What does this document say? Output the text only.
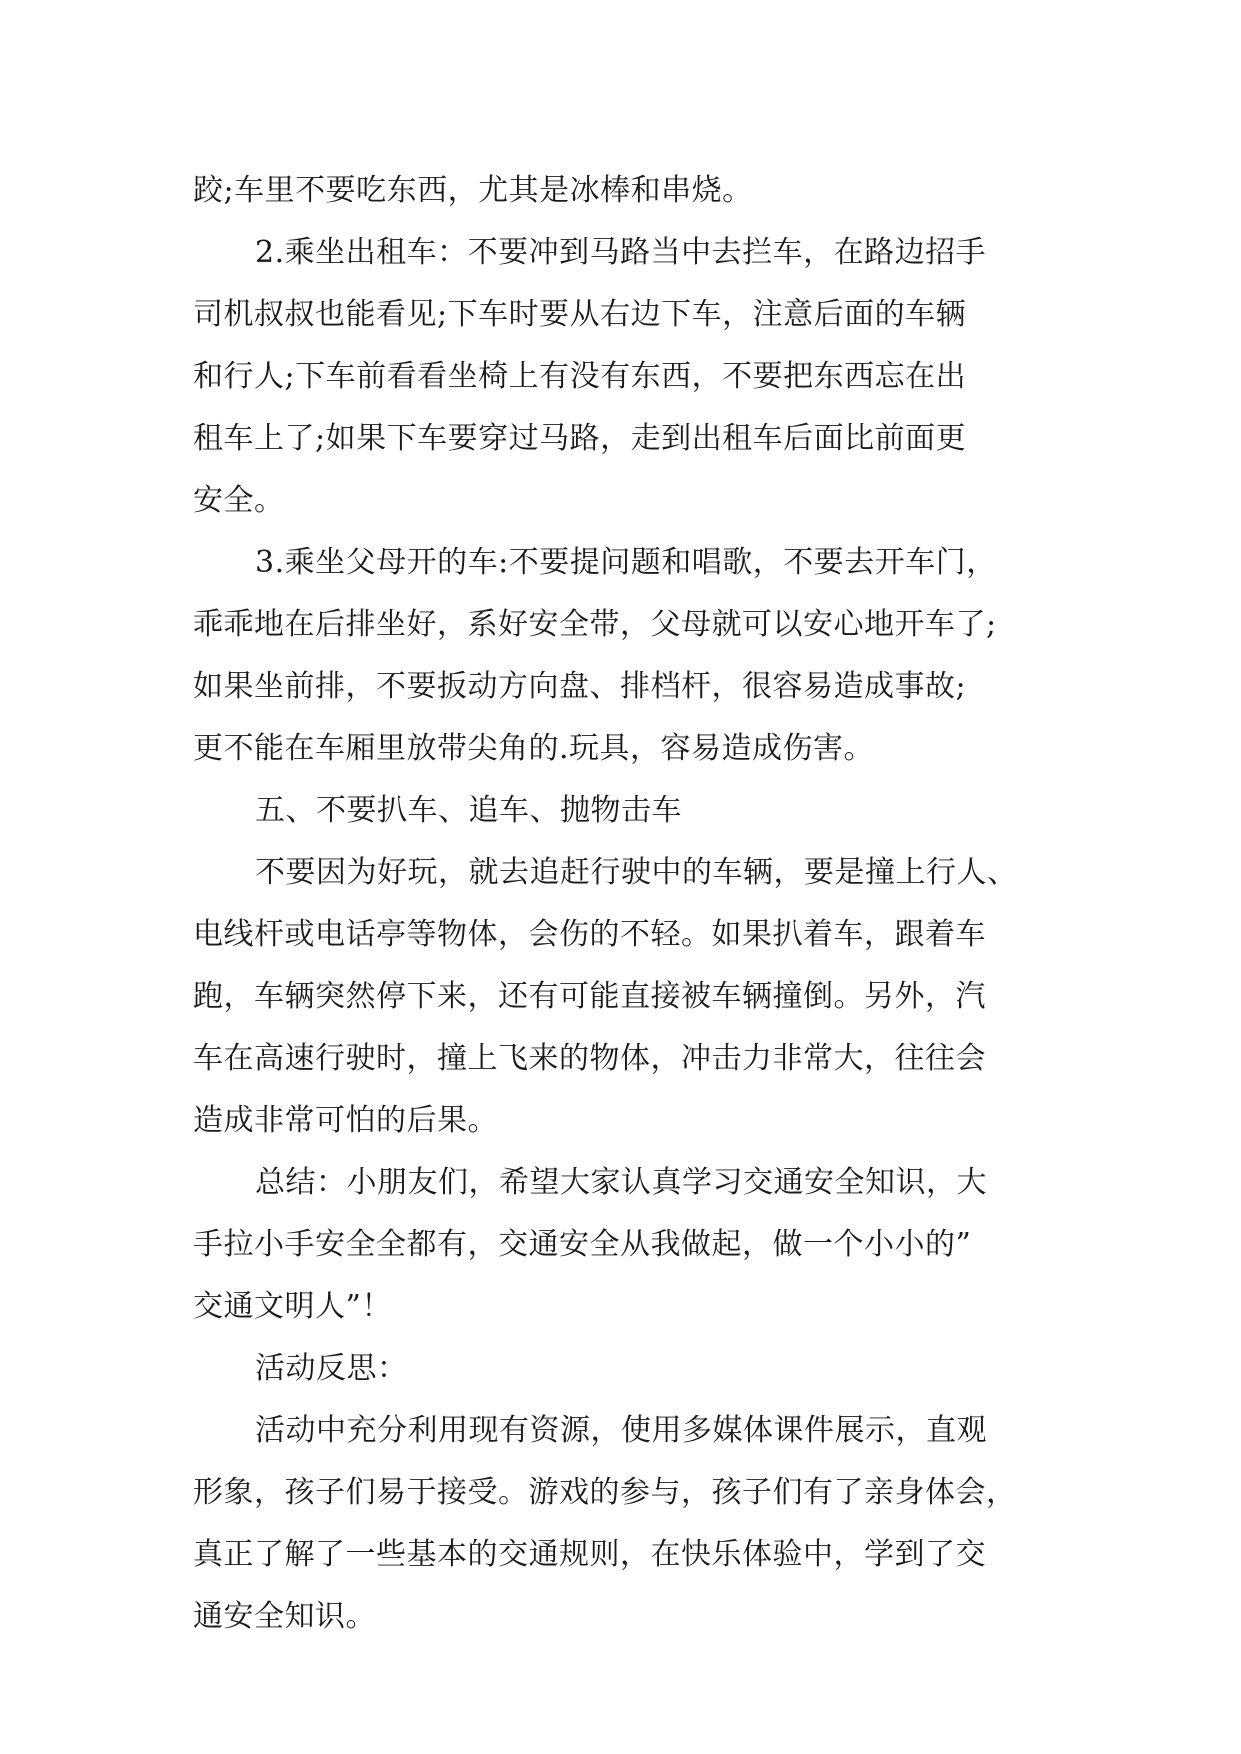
跤;车里不要吃东西，尤其是冰棒和串烧。
2.乘坐出租车：不要冲到马路当中去拦车，在路边招手
司机叔叔也能看见;下车时要从右边下车，注意后面的车辆
和行人;下车前看看坐椅上有没有东西，不要把东西忘在出
租车上了;如果下车要穿过马路，走到出租车后面比前面更
安全。
3.乘坐父母开的车:不要提问题和唱歌，不要去开车门，
乖乖地在后排坐好，系好安全带，父母就可以安心地开车了;
如果坐前排，不要扳动方向盘、排档杆，很容易造成事故;
更不能在车厢里放带尖角的.玩具，容易造成伤害。
五、不要扒车、追车、抛物击车
不要因为好玩，就去追赶行驶中的车辆，要是撞上行人、
电线杆或电话亭等物体，会伤的不轻。如果扒着车，跟着车
跑，车辆突然停下来，还有可能直接被车辆撞倒。另外，汽
车在高速行驶时，撞上飞来的物体，冲击力非常大，往往会
造成非常可怕的后果。
总结：小朋友们，希望大家认真学习交通安全知识，大
手拉小手安全全都有，交通安全从我做起，做一个小小的”
交通文明人”！
活动反思：
活动中充分利用现有资源，使用多媒体课件展示，直观
形象，孩子们易于接受。游戏的参与，孩子们有了亲身体会，
真正了解了一些基本的交通规则，在快乐体验中，学到了交
通安全知识。
